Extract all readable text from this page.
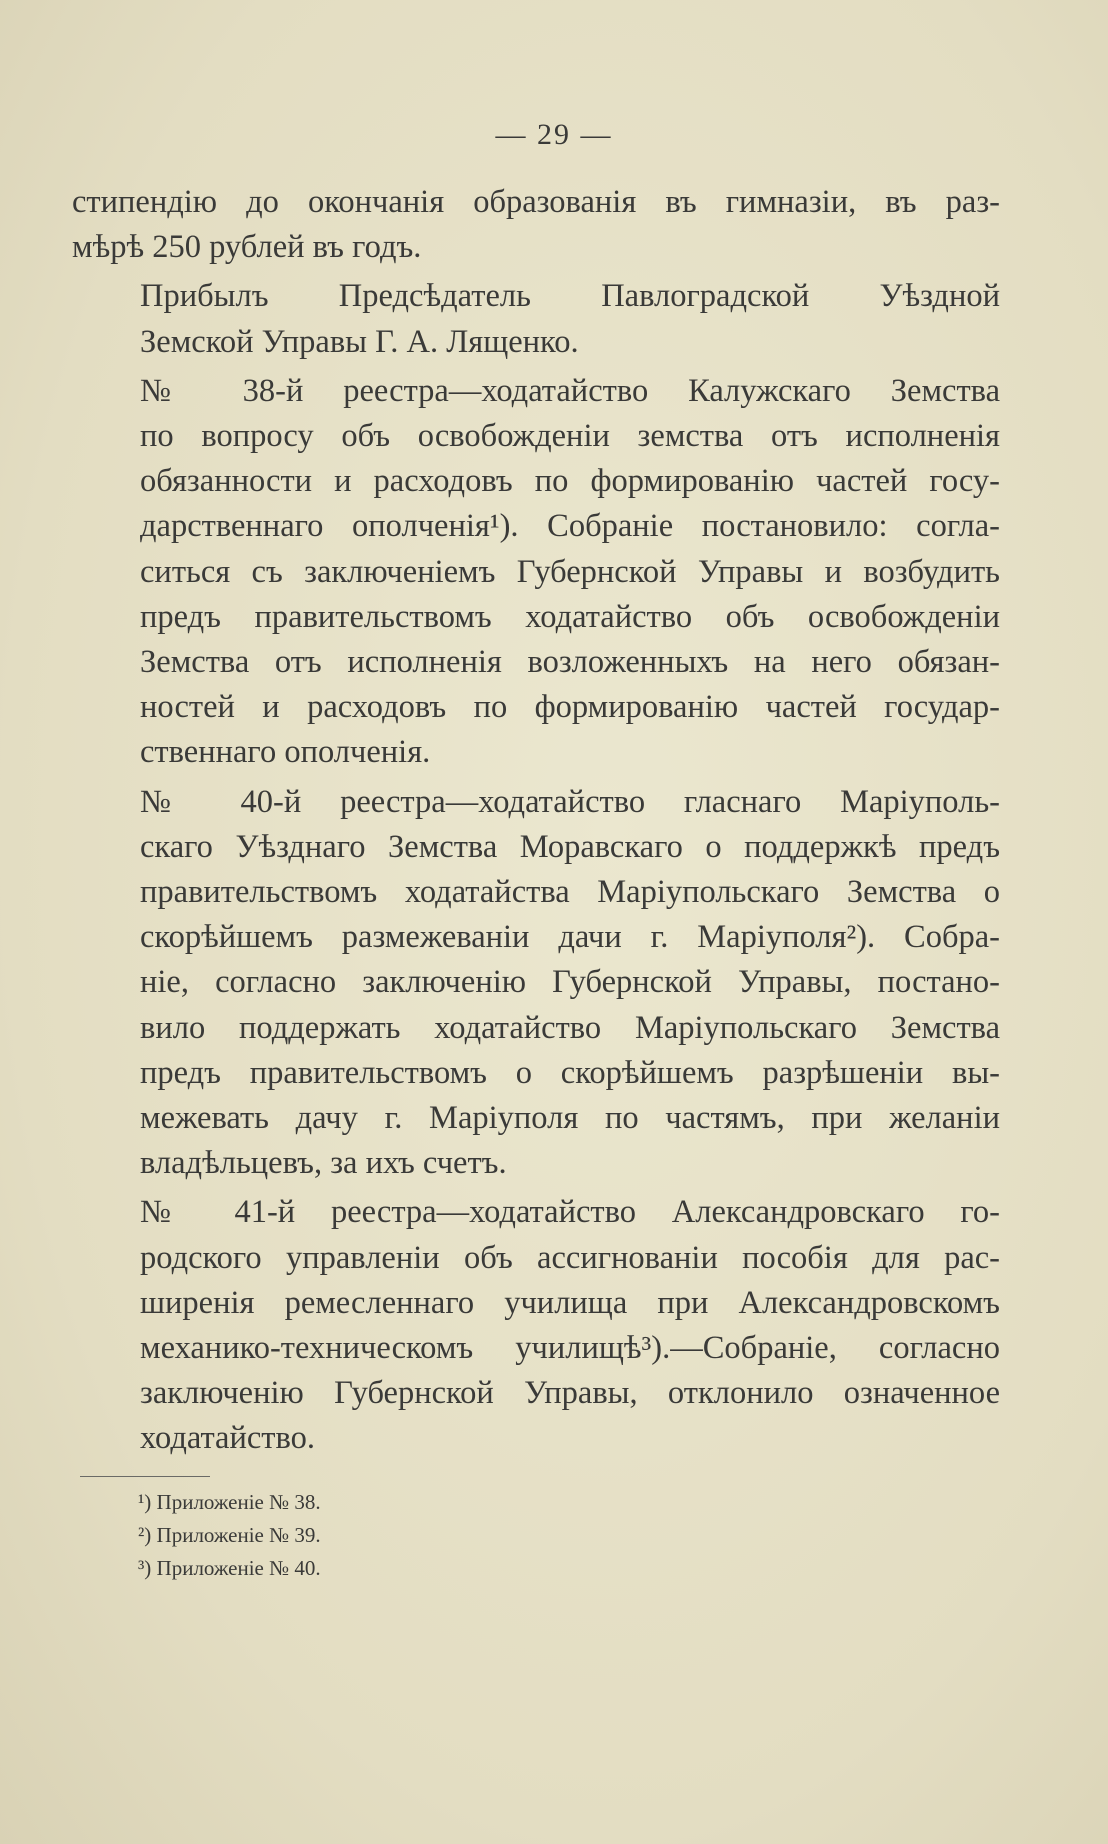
— 29 —

стипендію до окончанія образованія въ гимназіи, въ раз-
мѣрѣ 250 рублей въ годъ.

Прибылъ Предсѣдатель Павлоградской Уѣздной
Земской Управы Г. А. Лященко.

№ 38-й реестра—ходатайство Калужскаго Земства
по вопросу объ освобожденіи земства отъ исполненія
обязанности и расходовъ по формированію частей госу-
дарственнаго ополченія¹). Собраніе постановило: согла-
ситься съ заключеніемъ Губернской Управы и возбудить
предъ правительствомъ ходатайство объ освобожденіи
Земства отъ исполненія возложенныхъ на него обязан-
ностей и расходовъ по формированію частей государ-
ственнаго ополченія.

№ 40-й реестра—ходатайство гласнаго Маріуполь-
скаго Уѣзднаго Земства Моравскаго о поддержкѣ предъ
правительствомъ ходатайства Маріупольскаго Земства о
скорѣйшемъ размежеваніи дачи г. Маріуполя²). Собра-
ніе, согласно заключенію Губернской Управы, постано-
вило поддержать ходатайство Маріупольскаго Земства
предъ правительствомъ о скорѣйшемъ разрѣшеніи вы-
межевать дачу г. Маріуполя по частямъ, при желаніи
владѣльцевъ, за ихъ счетъ.

№ 41-й реестра—ходатайство Александровскаго го-
родского управленіи объ ассигнованіи пособія для рас-
ширенія ремесленнаго училища при Александровскомъ
механико-техническомъ училищѣ³).—Собраніе, согласно
заключенію Губернской Управы, отклонило означенное
ходатайство.

¹) Приложеніе № 38.
²) Приложеніе № 39.
³) Приложеніе № 40.
